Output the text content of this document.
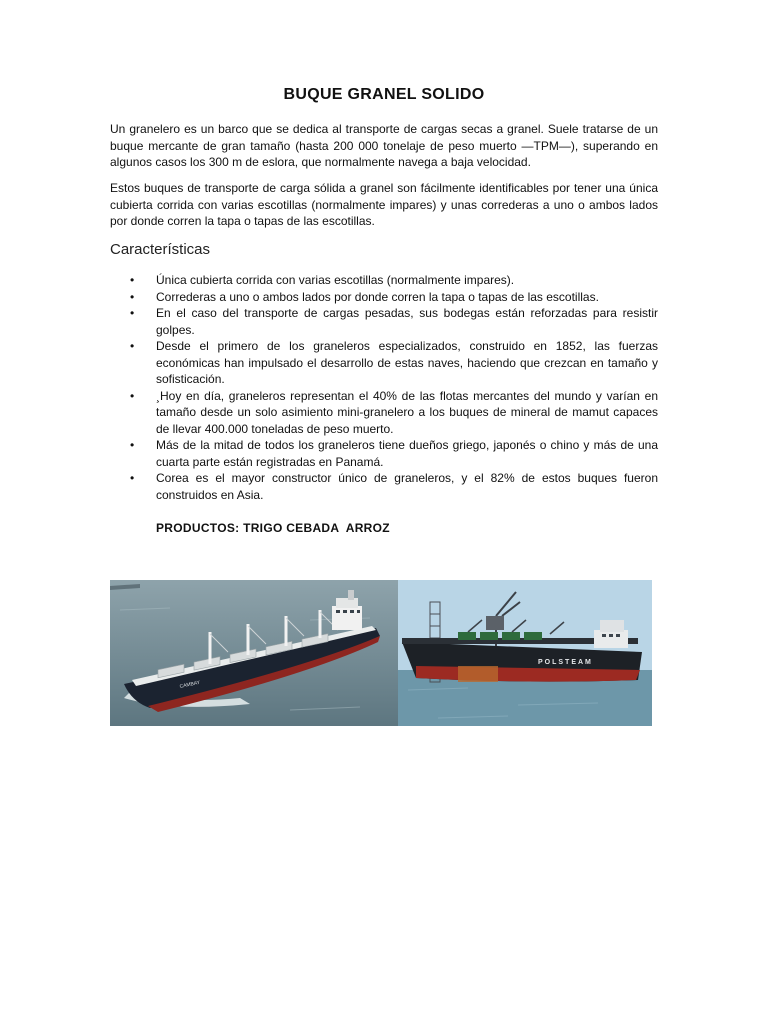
BUQUE GRANEL SOLIDO

Un granelero es un barco que se dedica al transporte de cargas secas a granel. Suele tratarse de un buque mercante de gran tamaño (hasta 200 000 tonelaje de peso muerto —TPM—), superando en algunos casos los 300 m de eslora, que normalmente navega a baja velocidad.

Estos buques de transporte de carga sólida a granel son fácilmente identificables por tener una única cubierta corrida con varias escotillas (normalmente impares) y unas correderas a uno o ambos lados por donde corren la tapa o tapas de las escotillas.

Características
• Única cubierta corrida con varias escotillas (normalmente impares).
• Correderas a uno o ambos lados por donde corren la tapa o tapas de las escotillas.
• En el caso del transporte de cargas pesadas, sus bodegas están reforzadas para resistir golpes.
• Desde el primero de los graneleros especializados, construido en 1852, las fuerzas económicas han impulsado el desarrollo de estas naves, haciendo que crezcan en tamaño y sofisticación.
• ¸Hoy en día, graneleros representan el 40% de las flotas mercantes del mundo y varían en tamaño desde un solo asimiento mini-granelero a los buques de mineral de mamut capaces de llevar 400.000 toneladas de peso muerto.
• Más de la mitad de todos los graneleros tiene dueños griego, japonés o chino y más de una cuarta parte están registradas en Panamá.
• Corea es el mayor constructor único de graneleros, y el 82% de estos buques fueron construidos en Asia.

PRODUCTOS: TRIGO CEBADA  ARROZ

CAMBAY
POLSTEAM
